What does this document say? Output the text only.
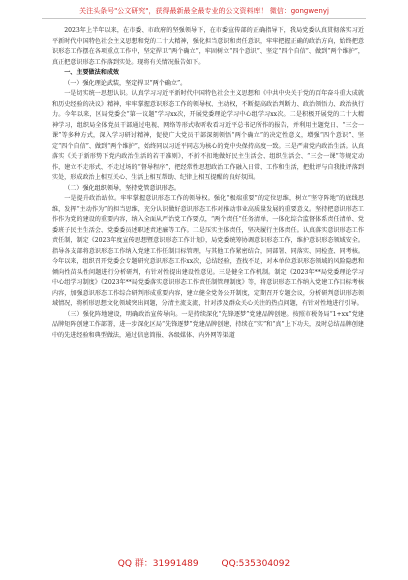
关注头条号"公文研究"，获得最新最全最专业的公文资料库！ 微信：gongwenyj

2023年上半年以来，在市委、市政府的坚强领导下，在市委宣传部的正确指导下，我局党委认真贯彻落实习近平新时代中国特色社会主义思想和党的二十大精神，强化担当意识和责任意识，牢牢把握正确的政治方向，始终把意识形态工作摆在各项重点工作中，坚定捍卫“两个确立”，牢固树立“四个意识”、坚定“四个自信”、做到“两个维护”，真正把意识形态工作落到实处。现将有关情况报告如下。

一、主要做法和成效

（一）强化理论武装，坚定捍卫“两个确立”。

一是切实统一思想认识。认真学习习近平新时代中国特色社会主义思想和《中共中央关于党的百年奋斗重大成就和历史经验的决议》精神，牢牢掌握意识形态工作的领导权、主动权，不断提高政治判断力、政治领悟力、政治执行力。今年以来，区局党委会“第一议题”学习xx次，开展党委理论学习中心组学习xx次。二是积极开展党的二十大精神学习，组织局全体党员干部通过电视、网络等形式收听收看习近平总书记所作的报告，并利用主题党日、“三会一课”等多种方式，深入学习研讨精神，促使广大党员干部深刻领悟“两个确立”的决定性意义，增强“四个意识”、坚定“四个自信”、做到“两个维护”，始终同以习近平同志为核心的党中央保持高度一致。三是严肃党内政治生活。认真落实《关于新形势下党内政治生活的若干准则》，不折不扣地做好民主生活会、组织生活会、“三会一课”等规定动作，建立不走形式、不走过场的“督导程序”，把经常性思想政治工作融入日常、工作和生活，把批评与自我批评落到实处，形成政治上相互关心、生活上相互帮助、纪律上相互提醒的良好氛围。

（二）强化组织领导，坚持党管意识形态。

一是提升政治站位。牢牢掌握意识形态工作的领导权。强化“极端重要”的定位思维，树立“坚守阵地”的底线思维，发挥“主动作为”的担当思维，充分认识做好意识形态工作对推动事业高质量发展的重要意义。坚持把意识形态工作作为党的建设的重要内容，纳入全面从严治党工作要点，“两个责任”任务清单，一体化综合监督体系责任清单、党委班子民主生活会、党委委员述职述责述廉等工作。二是压实主体责任，坚决履行主体责任。认真落实意识形态工作责任制，制定《2023年度宣传思想暨意识形态工作计划》，局党委统筹协调意识形态工作，维护意识形态领域安全。指导各支部将意识形态工作纳入党建工作任制目标管理，与其他工作紧密结合，同部署、同落实、同检查、同考核。今年以来，组织召开党委会专题研究意识形态工作xx次，总结经验，查找不足，对本单位意识形态领域的风险隐患和倾向性苗头性问题进行分析研判，有针对性提出建设性意见。三是健全工作机制。制定《2023年**局党委理论学习中心组学习制度》《2023年**局党委落实意识形态工作责任制管理制度》等，将意识形态工作纳入党建工作目标考核内容，加强意识形态工作综合研判形成重要内容，建立健全党务公开制度，定期召开专题会议，分析研判意识形态领域情况，将析形思想文化领域突出问题，分清主流支流，针对涉及群众关心关注的热点问题，有针对性地进行引导。

（三）强化阵地建设，明确政治宣传导向。一是持续深化“先锋逐梦”党建品牌创建。按照市税务局“1+xx”党建品牌矩阵创建工作部署，进一步深化区局“先锋逐梦”党建品牌创建，持续在“实”和“真”上下功夫，及时总结品牌创建中的先进经验和典型做法，通过信息简报、各级媒体、内外网等渠道

QQ 群：31991489	QQ:535304092
